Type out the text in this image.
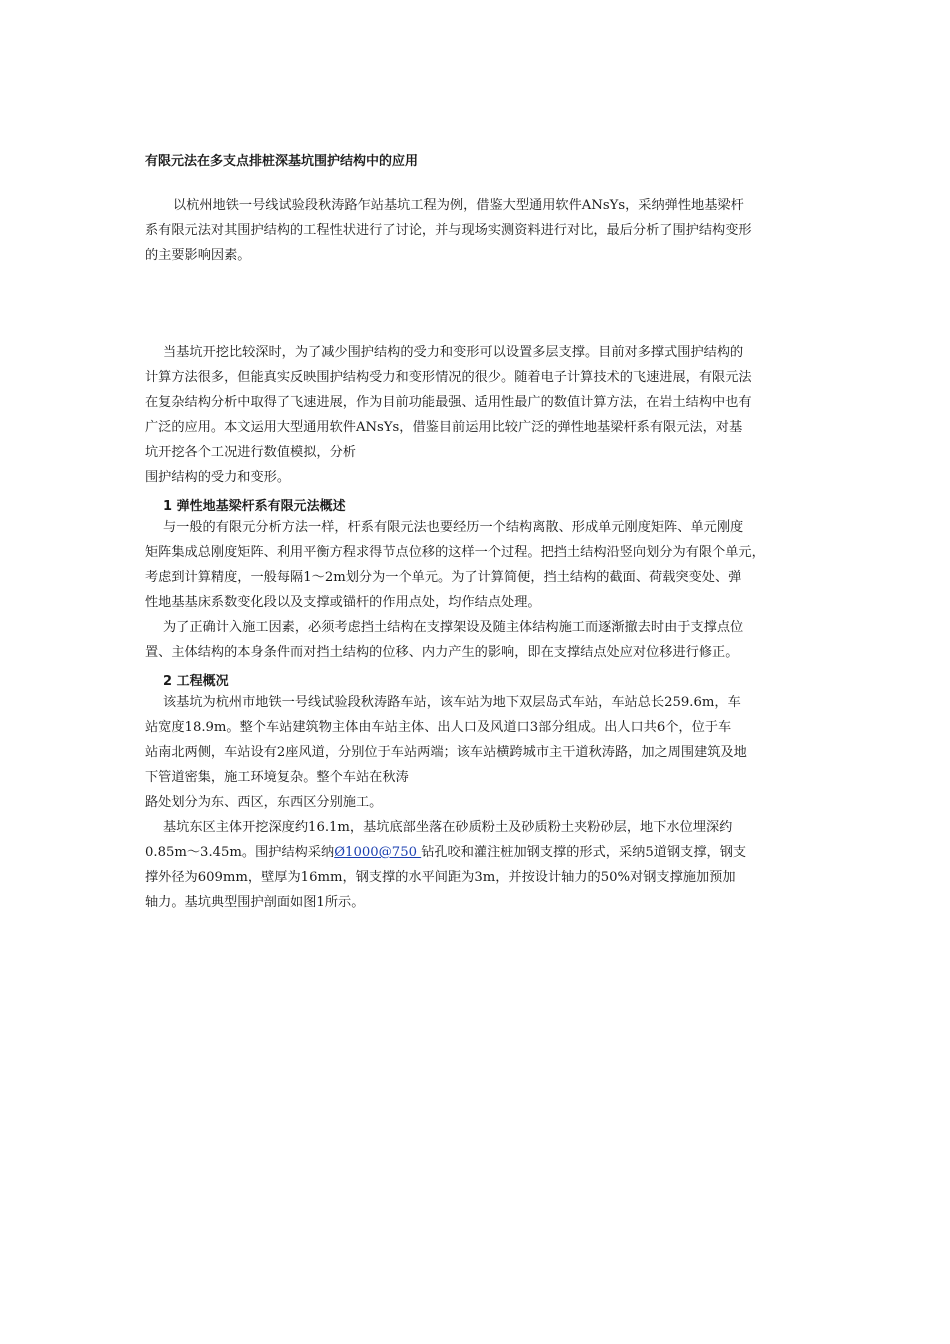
有限元法在多支点排桩深基坑围护结构中的应用
以杭州地铁一号线试验段秋涛路乍站基坑工程为例，借鉴大型通用软件ANsYs，采纳弹性地基梁杆
系有限元法对其围护结构的工程性状进行了讨论，并与现场实测资料进行对比，最后分析了围护结构变形
的主要影响因素。
当基坑开挖比较深时，为了减少围护结构的受力和变形可以设置多层支撑。目前对多撑式围护结构的
计算方法很多，但能真实反映围护结构受力和变形情况的很少。随着电子计算技术的飞速进展，有限元法
在复杂结构分析中取得了飞速进展，作为目前功能最强、适用性最广的数值计算方法，在岩土结构中也有
广泛的应用。本文运用大型通用软件ANsYs，借鉴目前运用比较广泛的弹性地基梁杆系有限元法，对基
坑开挖各个工况进行数值模拟，分析
围护结构的受力和变形。
1 弹性地基梁杆系有限元法概述
与一般的有限元分析方法一样，杆系有限元法也要经历一个结构离散、形成单元刚度矩阵、单元刚度
矩阵集成总刚度矩阵、利用平衡方程求得节点位移的这样一个过程。把挡土结构沿竖向划分为有限个单元，
考虑到计算精度，一般每隔1～2m划分为一个单元。为了计算简便，挡土结构的截面、荷载突变处、弹
性地基基床系数变化段以及支撑或锚杆的作用点处，均作结点处理。
为了正确计入施工因素，必须考虑挡土结构在支撑架设及随主体结构施工而逐渐撤去时由于支撑点位
置、主体结构的本身条件而对挡土结构的位移、内力产生的影响，即在支撑结点处应对位移进行修正。
2 工程概况
该基坑为杭州市地铁一号线试验段秋涛路车站，该车站为地下双层岛式车站，车站总长259.6m，车
站宽度18.9m。整个车站建筑物主体由车站主体、出人口及风道口3部分组成。出人口共6个，位于车
站南北两侧，车站设有2座风道，分别位于车站两端；该车站横跨城市主干道秋涛路，加之周围建筑及地
下管道密集，施工环境复杂。整个车站在秋涛
路处划分为东、西区，东西区分别施工。
基坑东区主体开挖深度约16.1m，基坑底部坐落在砂质粉土及砂质粉土夹粉砂层，地下水位埋深约
0.85m～3.45m。围护结构采纳Ø1000@750 钻孔咬和灌注桩加钢支撑的形式，采纳5道钢支撑，钢支
撑外径为609mm，壁厚为16mm，钢支撑的水平间距为3m，并按设计轴力的50%对钢支撑施加预加
轴力。基坑典型围护剖面如图1所示。
